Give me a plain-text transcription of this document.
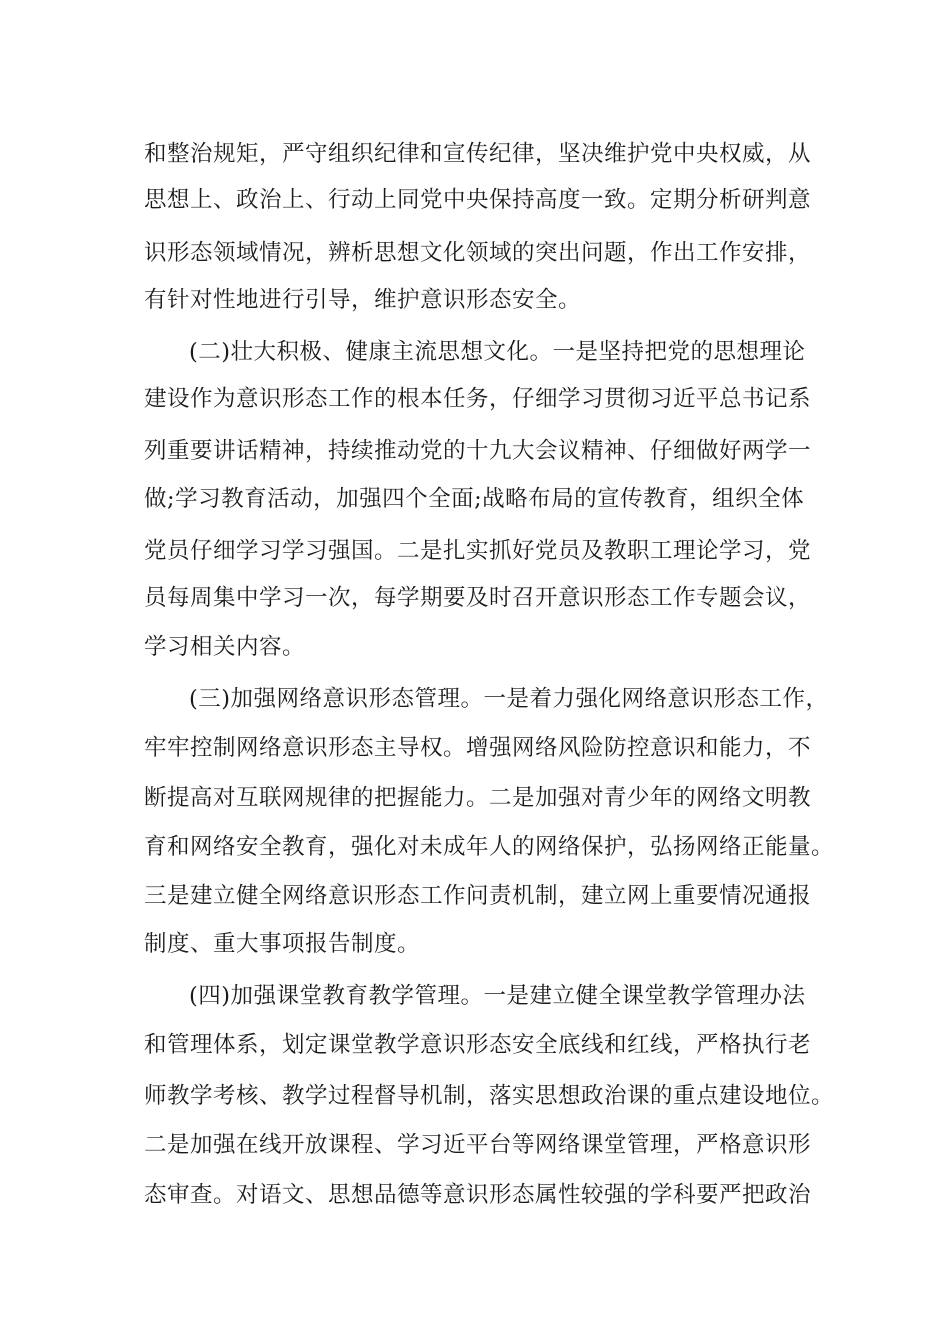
和整治规矩，严守组织纪律和宣传纪律，坚决维护党中央权威，从
思想上、政治上、行动上同党中央保持高度一致。定期分析研判意
识形态领域情况，辨析思想文化领域的突出问题，作出工作安排，
有针对性地进行引导，维护意识形态安全。
(二)壮大积极、健康主流思想文化。一是坚持把党的思想理论
建设作为意识形态工作的根本任务，仔细学习贯彻习近平总书记系
列重要讲话精神，持续推动党的十九大会议精神、仔细做好两学一
做;学习教育活动，加强四个全面;战略布局的宣传教育，组织全体
党员仔细学习学习强国。二是扎实抓好党员及教职工理论学习，党
员每周集中学习一次，每学期要及时召开意识形态工作专题会议，
学习相关内容。
(三)加强网络意识形态管理。一是着力强化网络意识形态工作，
牢牢控制网络意识形态主导权。增强网络风险防控意识和能力，不
断提高对互联网规律的把握能力。二是加强对青少年的网络文明教
育和网络安全教育，强化对未成年人的网络保护，弘扬网络正能量。
三是建立健全网络意识形态工作问责机制，建立网上重要情况通报
制度、重大事项报告制度。
(四)加强课堂教育教学管理。一是建立健全课堂教学管理办法
和管理体系，划定课堂教学意识形态安全底线和红线，严格执行老
师教学考核、教学过程督导机制，落实思想政治课的重点建设地位。
二是加强在线开放课程、学习近平台等网络课堂管理，严格意识形
态审查。对语文、思想品德等意识形态属性较强的学科要严把政治
